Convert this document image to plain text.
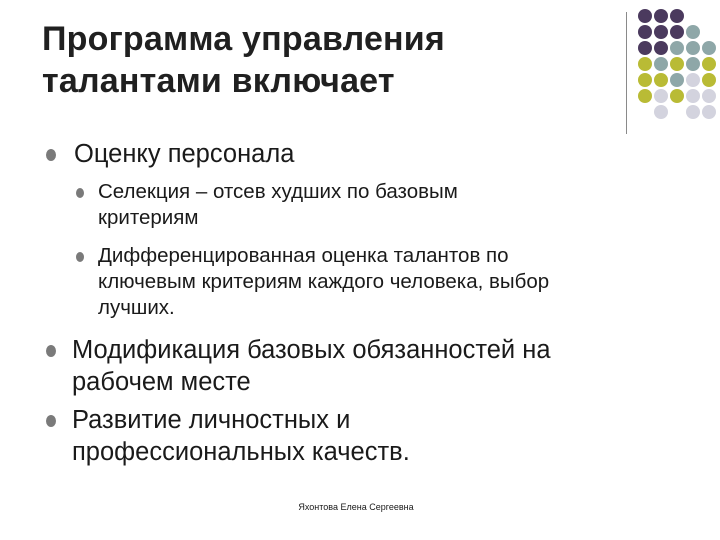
Программа управления
талантами включает

Оценку персонала

Селекция – отсев худших по базовым
критериям

Дифференцированная оценка талантов по
ключевым критериям каждого человека, выбор
лучших.

Модификация базовых обязанностей на
рабочем месте

Развитие личностных и
профессиональных качеств.

Яхонтова Елена Сергеевна
